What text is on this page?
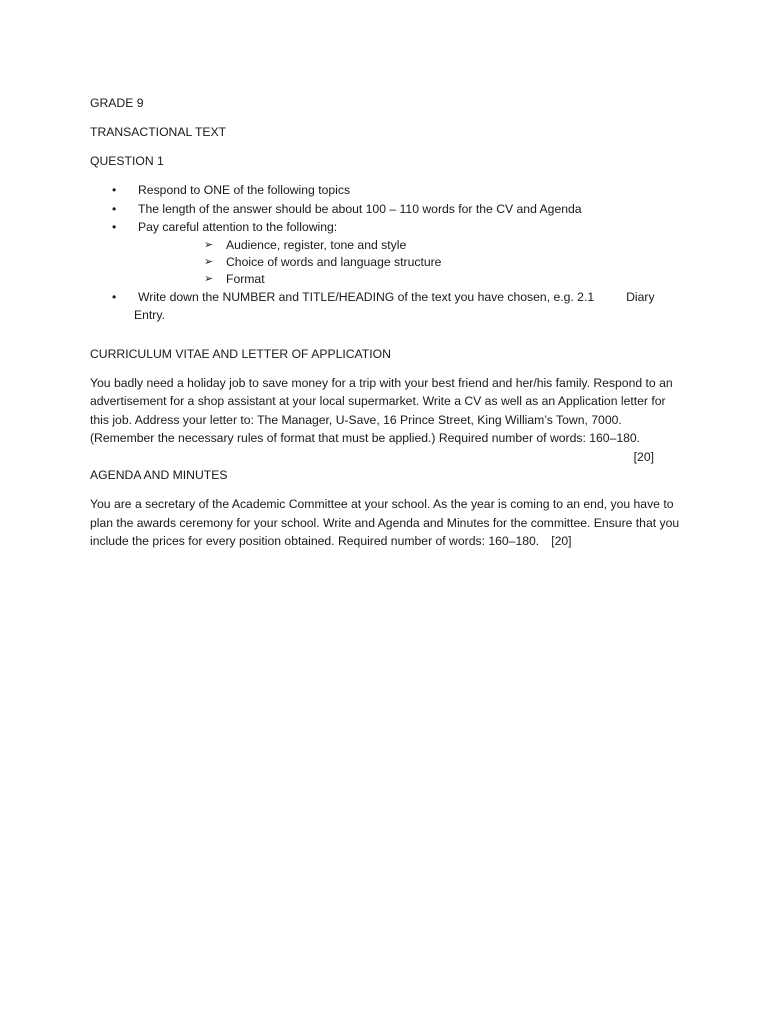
GRADE 9

TRANSACTIONAL TEXT

QUESTION 1

• Respond to ONE of the following topics
• The length of the answer should be about 100 – 110 words for the CV and Agenda
• Pay careful attention to the following:
➢ Audience, register, tone and style
➢ Choice of words and language structure
➢ Format
• Write down the NUMBER and TITLE/HEADING of the text you have chosen, e.g. 2.1	Diary
Entry.

CURRICULUM VITAE AND LETTER OF APPLICATION

You badly need a holiday job to save money for a trip with your best friend and her/his family. Respond to an advertisement for a shop assistant at your local supermarket. Write a CV as well as an Application letter for this job. Address your letter to: The Manager, U-Save, 16 Prince Street, King William’s Town, 7000. (Remember the necessary rules of format that must be applied.) Required number of words: 160–180.
[20]

AGENDA AND MINUTES

You are a secretary of the Academic Committee at your school. As the year is coming to an end, you have to plan the awards ceremony for your school. Write and Agenda and Minutes for the committee. Ensure that you include the prices for every position obtained. Required number of words: 160–180. [20]
